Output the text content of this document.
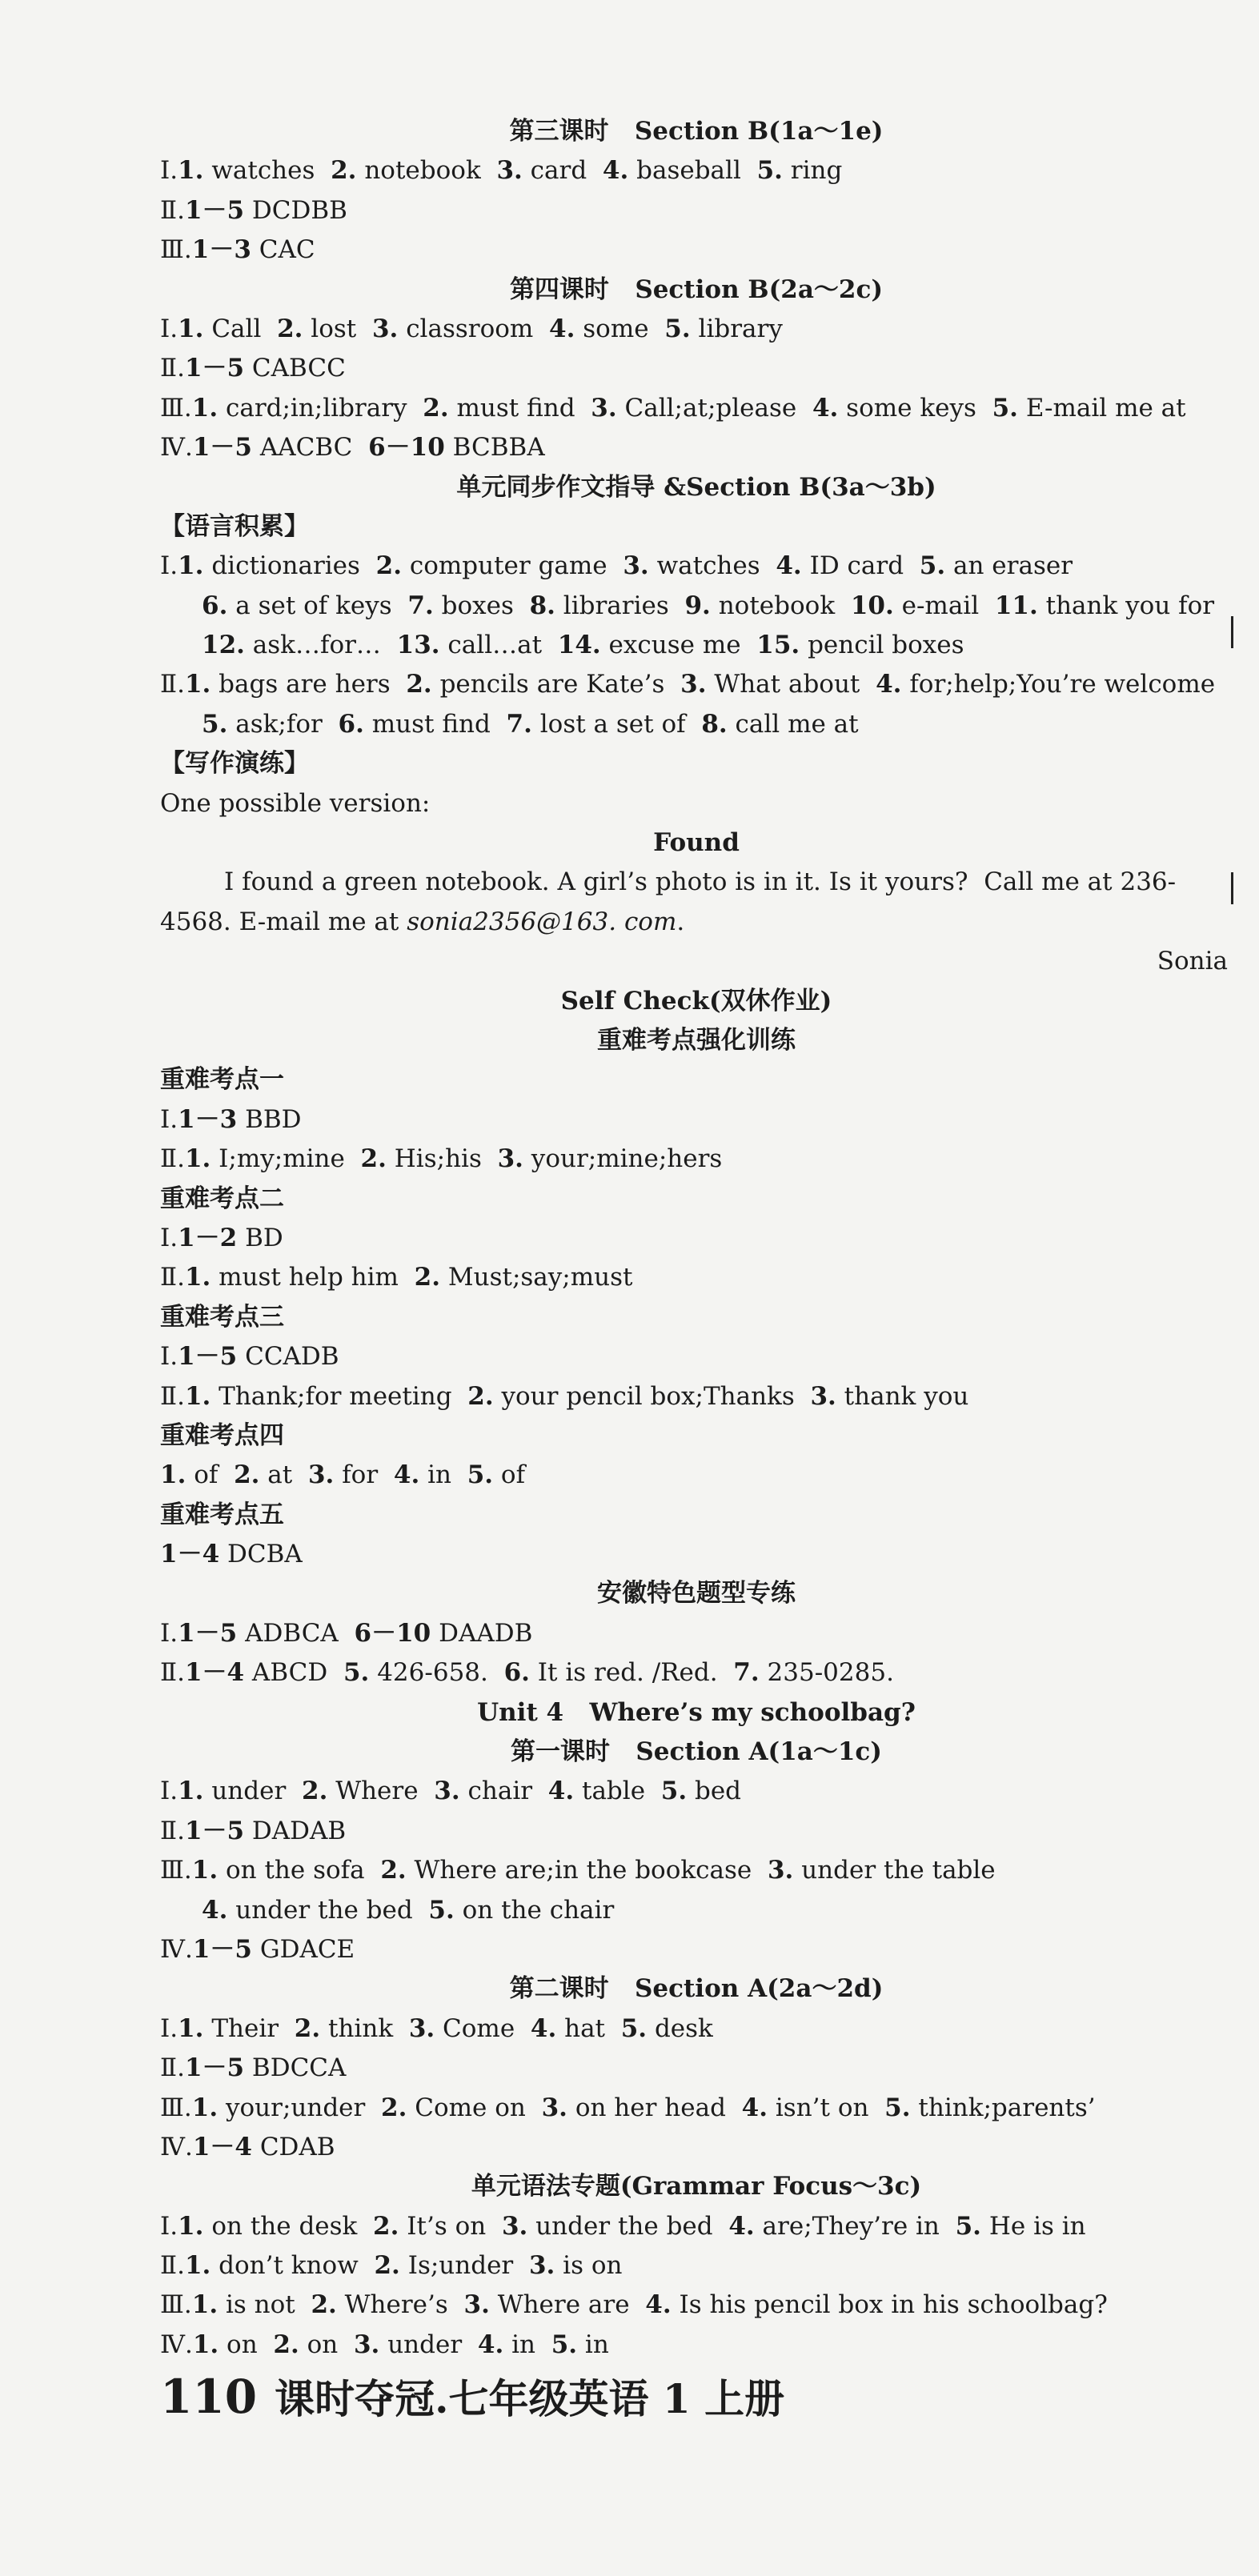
第三课时   Section B(1a～1e)
Ⅰ.1. watches  2. notebook  3. card  4. baseball  5. ring
Ⅱ.1－5 DCDBB
Ⅲ.1－3 CAC
第四课时   Section B(2a～2c)
Ⅰ.1. Call  2. lost  3. classroom  4. some  5. library
Ⅱ.1－5 CABCC
Ⅲ.1. card;in;library  2. must find  3. Call;at;please  4. some keys  5. E-mail me at
Ⅳ.1－5 AACBC  6－10 BCBBA
单元同步作文指导 &Section B(3a～3b)
【语言积累】
Ⅰ.1. dictionaries  2. computer game  3. watches  4. ID card  5. an eraser
6. a set of keys  7. boxes  8. libraries  9. notebook  10. e-mail  11. thank you for
12. ask…for…  13. call…at  14. excuse me  15. pencil boxes
Ⅱ.1. bags are hers  2. pencils are Kate’s  3. What about  4. for;help;You’re welcome
5. ask;for  6. must find  7. lost a set of  8. call me at
【写作演练】
One possible version:
Found
I found a green notebook. A girl’s photo is in it. Is it yours?  Call me at 236-
4568. E-mail me at sonia2356@163. com.
Sonia
Self Check(双休作业)
重难考点强化训练
重难考点一
Ⅰ.1－3 BBD
Ⅱ.1. I;my;mine  2. His;his  3. your;mine;hers
重难考点二
Ⅰ.1－2 BD
Ⅱ.1. must help him  2. Must;say;must
重难考点三
Ⅰ.1－5 CCADB
Ⅱ.1. Thank;for meeting  2. your pencil box;Thanks  3. thank you
重难考点四
1. of  2. at  3. for  4. in  5. of
重难考点五
1－4 DCBA
安徽特色题型专练
Ⅰ.1－5 ADBCA  6－10 DAADB
Ⅱ.1－4 ABCD  5. 426-658.  6. It is red. /Red.  7. 235-0285.
Unit 4   Where’s my schoolbag?
第一课时   Section A(1a～1c)
Ⅰ.1. under  2. Where  3. chair  4. table  5. bed
Ⅱ.1－5 DADAB
Ⅲ.1. on the sofa  2. Where are;in the bookcase  3. under the table
4. under the bed  5. on the chair
Ⅳ.1－5 GDACE
第二课时   Section A(2a～2d)
Ⅰ.1. Their  2. think  3. Come  4. hat  5. desk
Ⅱ.1－5 BDCCA
Ⅲ.1. your;under  2. Come on  3. on her head  4. isn’t on  5. think;parents’
Ⅳ.1－4 CDAB
单元语法专题(Grammar Focus～3c)
Ⅰ.1. on the desk  2. It’s on  3. under the bed  4. are;They’re in  5. He is in
Ⅱ.1. don’t know  2. Is;under  3. is on
Ⅲ.1. is not  2. Where’s  3. Where are  4. Is his pencil box in his schoolbag?
Ⅳ.1. on  2. on  3. under  4. in  5. in
110 课时夺冠.七年级英语 1 上册
